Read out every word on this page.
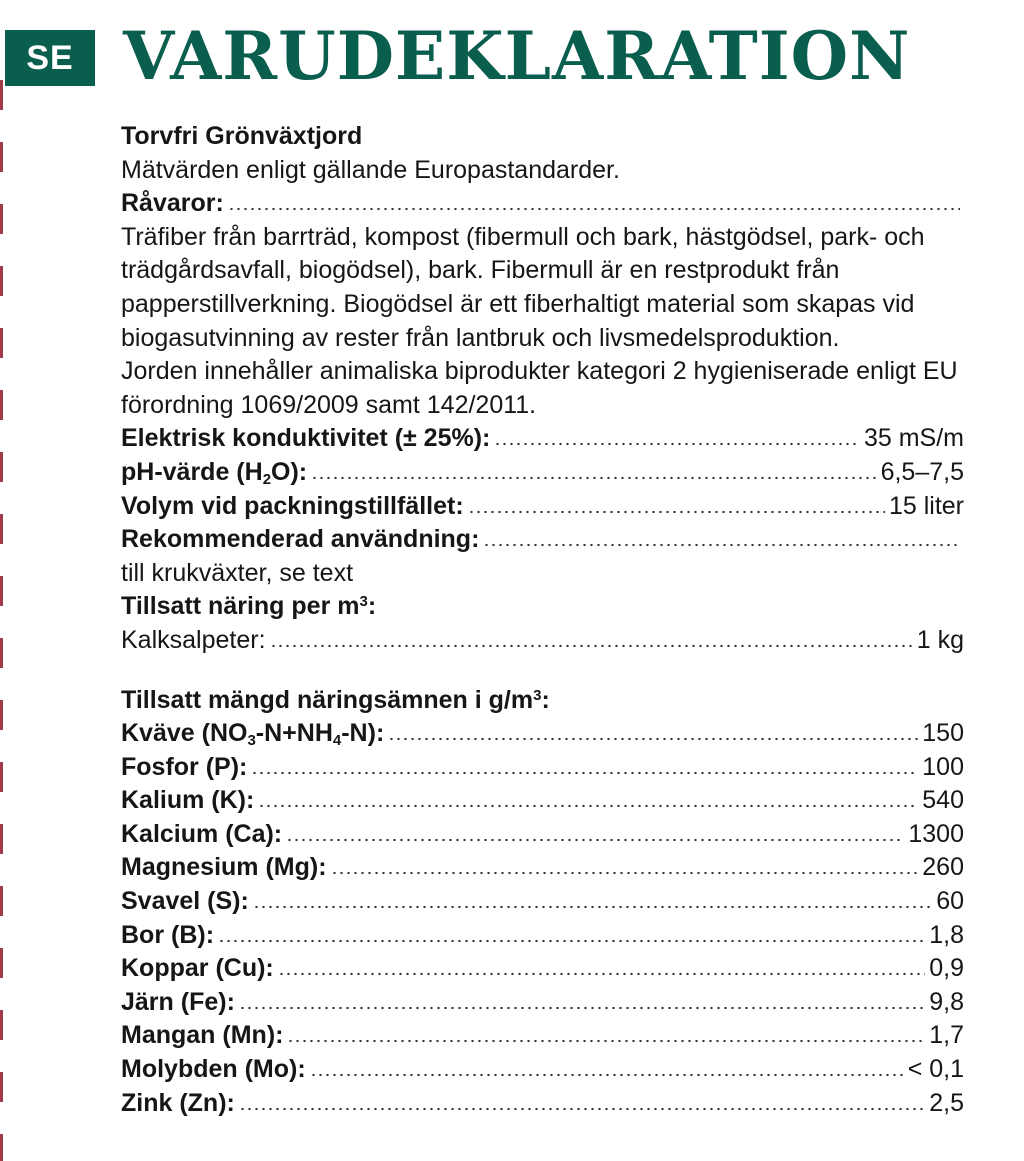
SE VARUDEKLARATION
Torvfri Grönväxtjord
Mätvärden enligt gällande Europastandarder.
Råvaror:
Träfiber från barrträd, kompost (fibermull och bark, hästgödsel, park- och trädgårdsavfall, biogödsel), bark. Fibermull är en restprodukt från papperstillverkning. Biogödsel är ett fiberhaltigt material som skapas vid biogasutvinning av rester från lantbruk och livsmedelsproduktion.
Jorden innehåller animaliska biprodukter kategori 2 hygieniserade enligt EU förordning 1069/2009 samt 142/2011.
Elektrisk konduktivitet (± 25%):	35 mS/m
pH-värde $(H_2O)$:	6,5–7,5
Volym vid packningstillfället:	15 liter
Rekommenderad användning:
till krukväxter, se text
Tillsatt näring per $m^3$:
Kalksalpeter:	1 kg
Tillsatt mängd näringsämnen i $g/m^3$:
Kväve $(NO_3-N+NH_4-N)$:	150
Fosfor (P):	100
Kalium (K):	540
Kalcium (Ca):	1300
Magnesium (Mg):	260
Svavel (S):	60
Bor (B):	1,8
Koppar (Cu):	0,9
Järn (Fe):	9,8
Mangan (Mn):	1,7
Molybden (Mo):	< 0,1
Zink (Zn):	2,5
